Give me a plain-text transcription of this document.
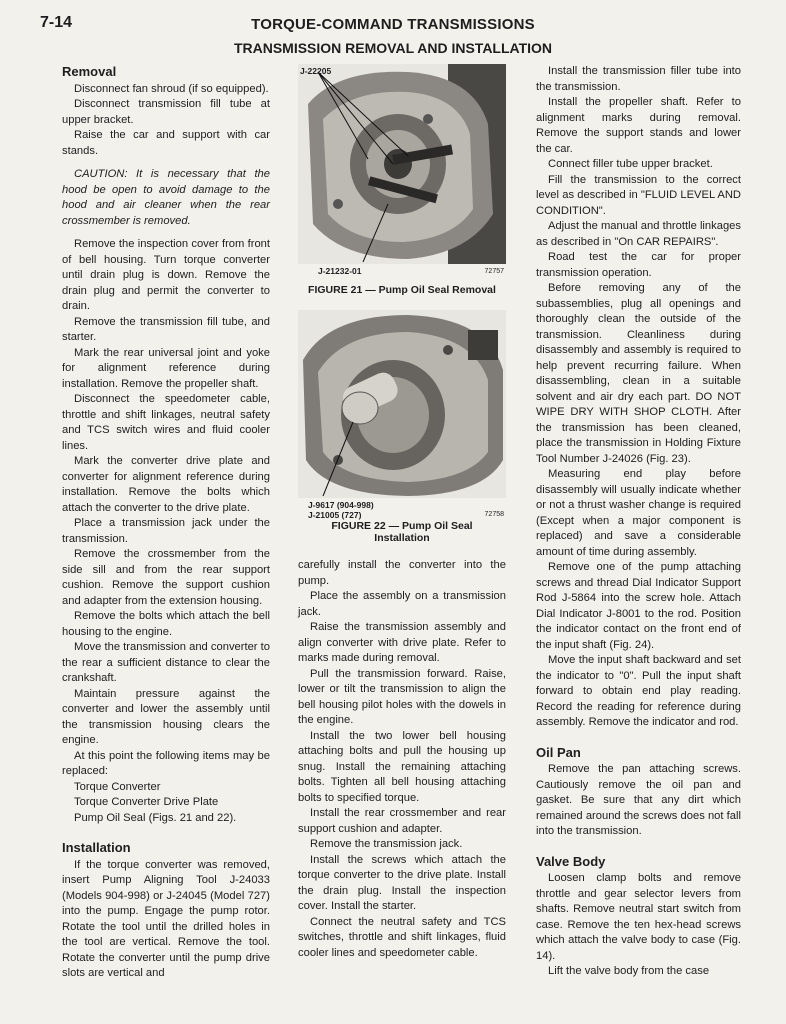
7-14	TORQUE-COMMAND TRANSMISSIONS
TRANSMISSION REMOVAL AND INSTALLATION
Removal

Disconnect fan shroud (if so equipped).

Disconnect transmission fill tube at upper bracket.

Raise the car and support with car stands.

CAUTION: It is necessary that the hood be open to avoid damage to the hood and air cleaner when the rear crossmember is removed.

Remove the inspection cover from front of bell housing. Turn torque converter until drain plug is down. Remove the drain plug and permit the converter to drain.

Remove the transmission fill tube, and starter.

Mark the rear universal joint and yoke for alignment reference during installation. Remove the propeller shaft.

Disconnect the speedometer cable, throttle and shift linkages, neutral safety and TCS switch wires and fluid cooler lines.

Mark the converter drive plate and converter for alignment reference during installation. Remove the bolts which attach the converter to the drive plate.

Place a transmission jack under the transmission.

Remove the crossmember from the side sill and from the rear support cushion. Remove the support cushion and adapter from the extension housing.

Remove the bolts which attach the bell housing to the engine.

Move the transmission and converter to the rear a sufficient distance to clear the crankshaft.

Maintain pressure against the converter and lower the assembly until the transmission housing clears the engine.

At this point the following items may be replaced:

Torque Converter

Torque Converter Drive Plate

Pump Oil Seal (Figs. 21 and 22).

Installation

If the torque converter was removed, insert Pump Aligning Tool J-24033 (Models 904-998) or J-24045 (Model 727) into the pump. Engage the pump rotor. Rotate the tool until the drilled holes in the tool are vertical. Remove the tool. Rotate the converter until the pump drive slots are vertical and

J-22205
J-21232-01	72757
FIGURE 21 — Pump Oil Seal Removal
J-9617 (904-998)
J-21005 (727)	72758
FIGURE 22 — Pump Oil Seal
Installation

carefully install the converter into the pump.

Place the assembly on a transmission jack.

Raise the transmission assembly and align converter with drive plate. Refer to marks made during removal.

Pull the transmission forward. Raise, lower or tilt the transmission to align the bell housing pilot holes with the dowels in the engine.

Install the two lower bell housing attaching bolts and pull the housing up snug. Install the remaining attaching bolts. Tighten all bell housing attaching bolts to specified torque.

Install the rear crossmember and rear support cushion and adapter.

Remove the transmission jack.

Install the screws which attach the torque converter to the drive plate. Install the drain plug. Install the inspection cover. Install the starter.

Connect the neutral safety and TCS switches, throttle and shift linkages, fluid cooler lines and speedometer cable.

Install the transmission filler tube into the transmission.

Install the propeller shaft. Refer to alignment marks during removal. Remove the support stands and lower the car.

Connect filler tube upper bracket.

Fill the transmission to the correct level as described in "FLUID LEVEL AND CONDITION".

Adjust the manual and throttle linkages as described in "On CAR REPAIRS".

Road test the car for proper transmission operation.

Before removing any of the subassemblies, plug all openings and thoroughly clean the outside of the transmission. Cleanliness during disassembly and assembly is required to help prevent recurring failure. When disassembling, clean in a suitable solvent and air dry each part. DO NOT WIPE DRY WITH SHOP CLOTH. After the transmission has been cleaned, place the transmission in Holding Fixture Tool Number J-24026 (Fig. 23).

Measuring end play before disassembly will usually indicate whether or not a thrust washer change is required (Except when a major component is replaced) and save a considerable amount of time during assembly.

Remove one of the pump attaching screws and thread Dial Indicator Support Rod J-5864 into the screw hole. Attach Dial Indicator J-8001 to the rod. Position the indicator contact on the front end of the input shaft (Fig. 24).

Move the input shaft backward and set the indicator to "0". Pull the input shaft forward to obtain end play reading. Record the reading for reference during assembly. Remove the indicator and rod.

Oil Pan

Remove the pan attaching screws. Cautiously remove the oil pan and gasket. Be sure that any dirt which remained around the screws does not fall into the transmission.

Valve Body

Loosen clamp bolts and remove throttle and gear selector levers from shafts. Remove neutral start switch from case. Remove the ten hex-head screws which attach the valve body to case (Fig. 14).

Lift the valve body from the case
